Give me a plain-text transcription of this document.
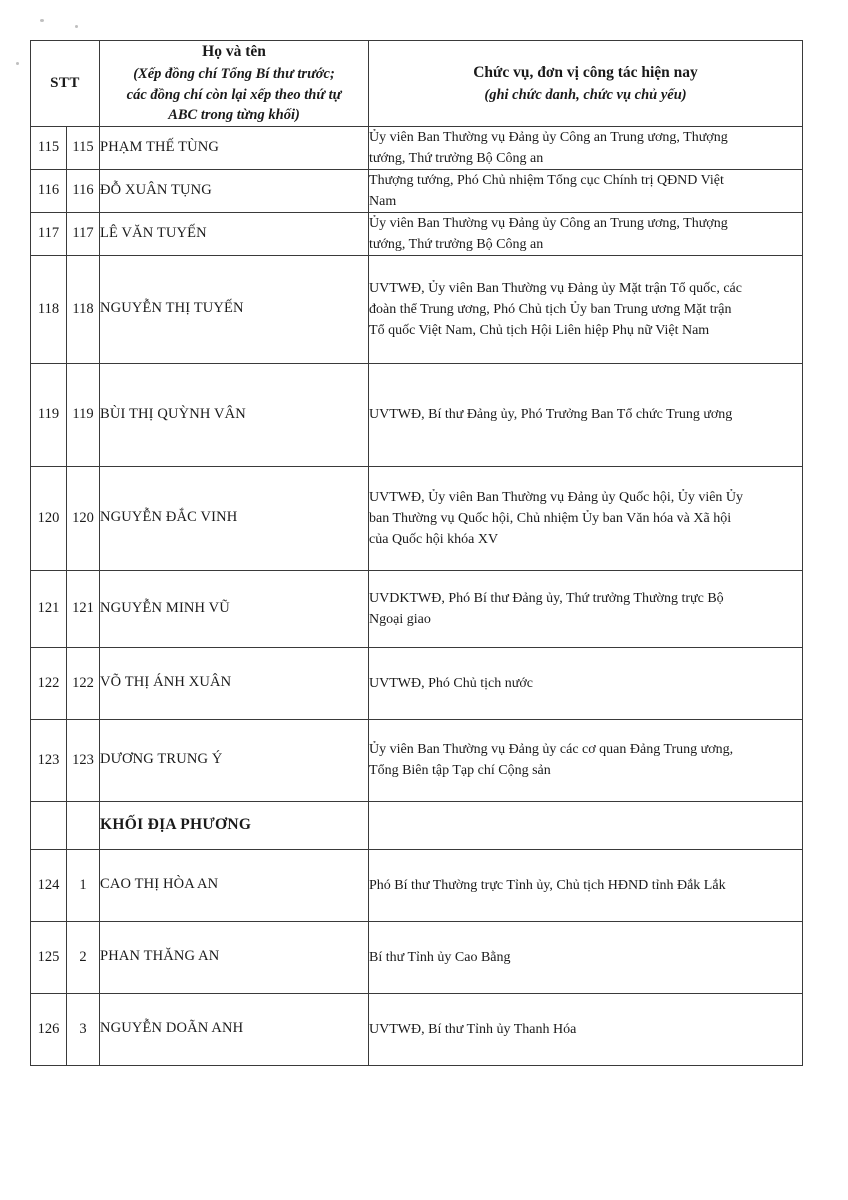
STT		Họ và tên
(Xếp đồng chí Tổng Bí thư trước;
các đồng chí còn lại xếp theo thứ tự
ABC trong từng khối)	Chức vụ, đơn vị công tác hiện nay
(ghi chức danh, chức vụ chủ yếu)

115	115	PHẠM THẾ TÙNG	Ủy viên Ban Thường vụ Đảng ủy Công an Trung ương, Thượng
tướng, Thứ trưởng Bộ Công an

116	116	ĐỖ XUÂN TỤNG	Thượng tướng, Phó Chủ nhiệm Tổng cục Chính trị QĐND Việt
Nam

117	117	LÊ VĂN TUYẾN	Ủy viên Ban Thường vụ Đảng ủy Công an Trung ương, Thượng
tướng, Thứ trưởng Bộ Công an

118	118	NGUYỄN THỊ TUYẾN	UVTWĐ, Ủy viên Ban Thường vụ Đảng ủy Mặt trận Tổ quốc, các
đoàn thể Trung ương, Phó Chủ tịch Ủy ban Trung ương Mặt trận
Tổ quốc Việt Nam, Chủ tịch Hội Liên hiệp Phụ nữ Việt Nam

119	119	BÙI THỊ QUỲNH VÂN	UVTWĐ, Bí thư Đảng ủy, Phó Trưởng Ban Tổ chức Trung ương

120	120	NGUYỄN ĐẮC VINH	UVTWĐ, Ủy viên Ban Thường vụ Đảng ủy Quốc hội, Ủy viên Ủy
ban Thường vụ Quốc hội, Chủ nhiệm Ủy ban Văn hóa và Xã hội
của Quốc hội khóa XV

121	121	NGUYỄN MINH VŨ	UVDKTWĐ, Phó Bí thư Đảng ủy, Thứ trưởng Thường trực Bộ
Ngoại giao

122	122	VÕ THỊ ÁNH XUÂN	UVTWĐ, Phó Chủ tịch nước

123	123	DƯƠNG TRUNG Ý	Ủy viên Ban Thường vụ Đảng ủy các cơ quan Đảng Trung ương,
Tổng Biên tập Tạp chí Cộng sản

		KHỐI ĐỊA PHƯƠNG	
124	1	CAO THỊ HÒA AN	Phó Bí thư Thường trực Tỉnh ủy, Chủ tịch HĐND tỉnh Đắk Lắk

125	2	PHAN THĂNG AN	Bí thư Tỉnh ủy Cao Bằng

126	3	NGUYỄN DOÃN ANH	UVTWĐ, Bí thư Tỉnh ủy Thanh Hóa
